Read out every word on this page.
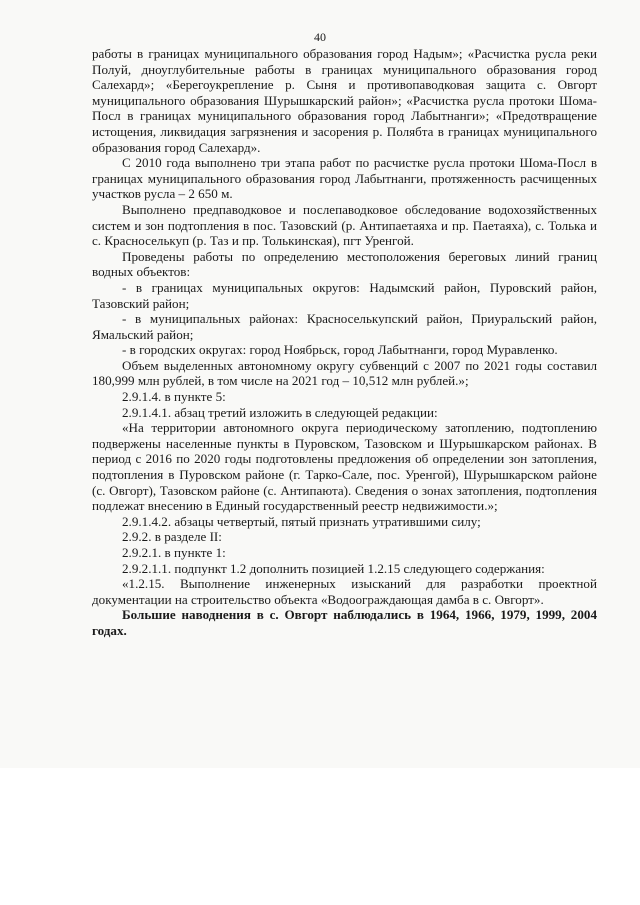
40

работы в границах муниципального образования город Надым»; «Расчистка русла реки Полуй, дноуглубительные работы в границах муниципального образования город Салехард»; «Берегоукрепление р. Сыня и противопаводковая защита с. Овгорт муниципального образования Шурышкарский район»; «Расчистка русла протоки Шома-Посл в границах муниципального образования город Лабытнанги»; «Предотвращение истощения, ликвидация загрязнения и засорения р. Полябта в границах муниципального образования город Салехард».

С 2010 года выполнено три этапа работ по расчистке русла протоки Шома-Посл в границах муниципального образования город Лабытнанги, протяженность расчищенных участков русла – 2 650 м.

Выполнено предпаводковое и послепаводковое обследование водохозяйственных систем и зон подтопления в пос. Тазовский (р. Антипаетаяха и пр. Паетаяха), с. Толька и с. Красноселькуп (р. Таз и пр. Толькинская), пгт Уренгой.

Проведены работы по определению местоположения береговых линий границ водных объектов:

- в границах муниципальных округов: Надымский район, Пуровский район, Тазовский район;

- в муниципальных районах: Красноселькупский район, Приуральский район, Ямальский район;

- в городских округах: город Ноябрьск, город Лабытнанги, город Муравленко.

Объем выделенных автономному округу субвенций с 2007 по 2021 годы составил 180,999 млн рублей, в том числе на 2021 год – 10,512 млн рублей.»;

2.9.1.4. в пункте 5:

2.9.1.4.1. абзац третий изложить в следующей редакции:

«На территории автономного округа периодическому затоплению, подтоплению подвержены населенные пункты в Пуровском, Тазовском и Шурышкарском районах. В период с 2016 по 2020 годы подготовлены предложения об определении зон затопления, подтопления в Пуровском районе (г. Тарко-Сале, пос. Уренгой), Шурышкарском районе (с. Овгорт), Тазовском районе (с. Антипаюта). Сведения о зонах затопления, подтопления подлежат внесению в Единый государственный реестр недвижимости.»;

2.9.1.4.2. абзацы четвертый, пятый признать утратившими силу;

2.9.2. в разделе II:

2.9.2.1. в пункте 1:

2.9.2.1.1. подпункт 1.2 дополнить позицией 1.2.15 следующего содержания:

«1.2.15. Выполнение инженерных изысканий для разработки проектной документации на строительство объекта «Водоограждающая дамба в с. Овгорт».

Большие наводнения в с. Овгорт наблюдались в 1964, 1966, 1979, 1999, 2004 годах.
